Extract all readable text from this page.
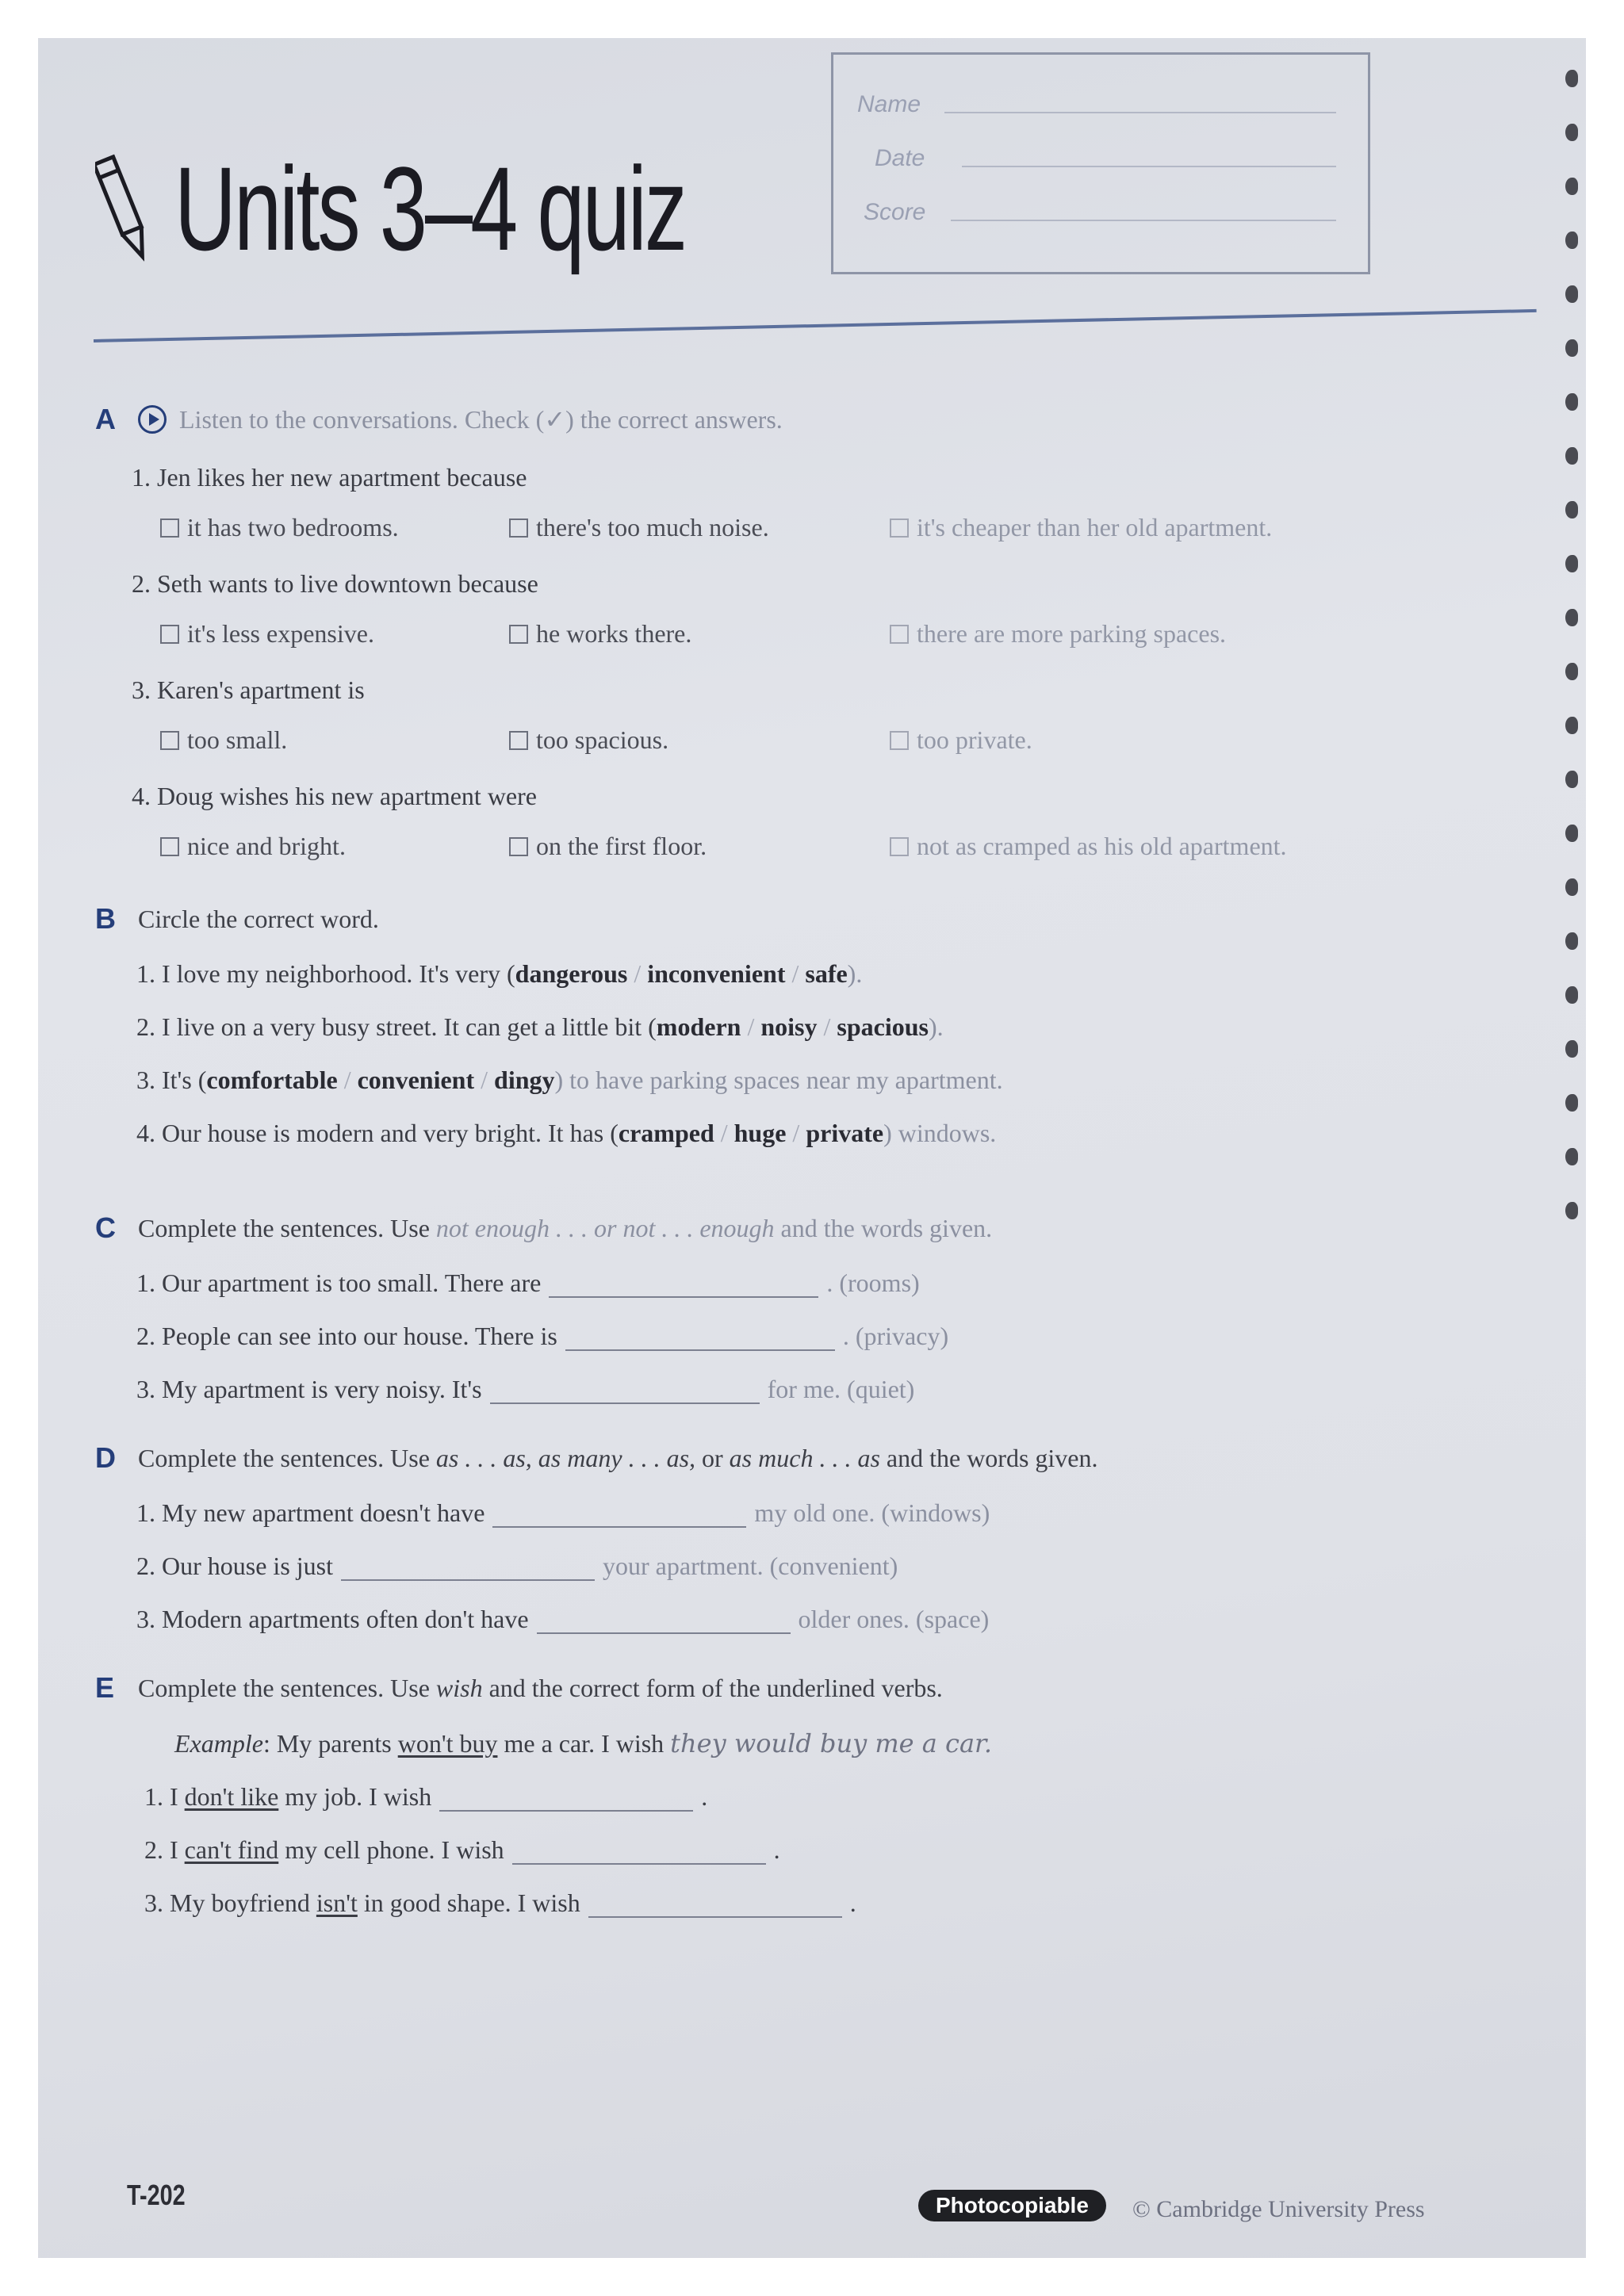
Units 3–4 quiz
Name
Date
Score
A	Listen to the conversations. Check (✓) the correct answers.
1. Jen likes her new apartment because
it has two bedrooms.	there's too much noise.	it's cheaper than her old apartment.
2. Seth wants to live downtown because
it's less expensive.	he works there.	there are more parking spaces.
3. Karen's apartment is
too small.	too spacious.	too private.
4. Doug wishes his new apartment were
nice and bright.	on the first floor.	not as cramped as his old apartment.
B Circle the correct word.
1. I love my neighborhood. It's very (dangerous / inconvenient / safe).
2. I live on a very busy street. It can get a little bit (modern / noisy / spacious).
3. It's (comfortable / convenient / dingy) to have parking spaces near my apartment.
4. Our house is modern and very bright. It has (cramped / huge / private) windows.
C Complete the sentences. Use not enough . . . or not . . . enough and the words given.
1. Our apartment is too small. There are	. (rooms)
2. People can see into our house. There is	. (privacy)
3. My apartment is very noisy. It's	for me. (quiet)
D Complete the sentences. Use as . . . as, as many . . . as, or as much . . . as and the words given.
1. My new apartment doesn't have	my old one. (windows)
2. Our house is just	your apartment. (convenient)
3. Modern apartments often don't have	older ones. (space)
E Complete the sentences. Use wish and the correct form of the underlined verbs.
Example: My parents won't buy me a car. I wish they would buy me a car.
1. I don't like my job. I wish	.
2. I can't find my cell phone. I wish	.
3. My boyfriend isn't in good shape. I wish	.
T-202	Photocopiable	© Cambridge University Press
